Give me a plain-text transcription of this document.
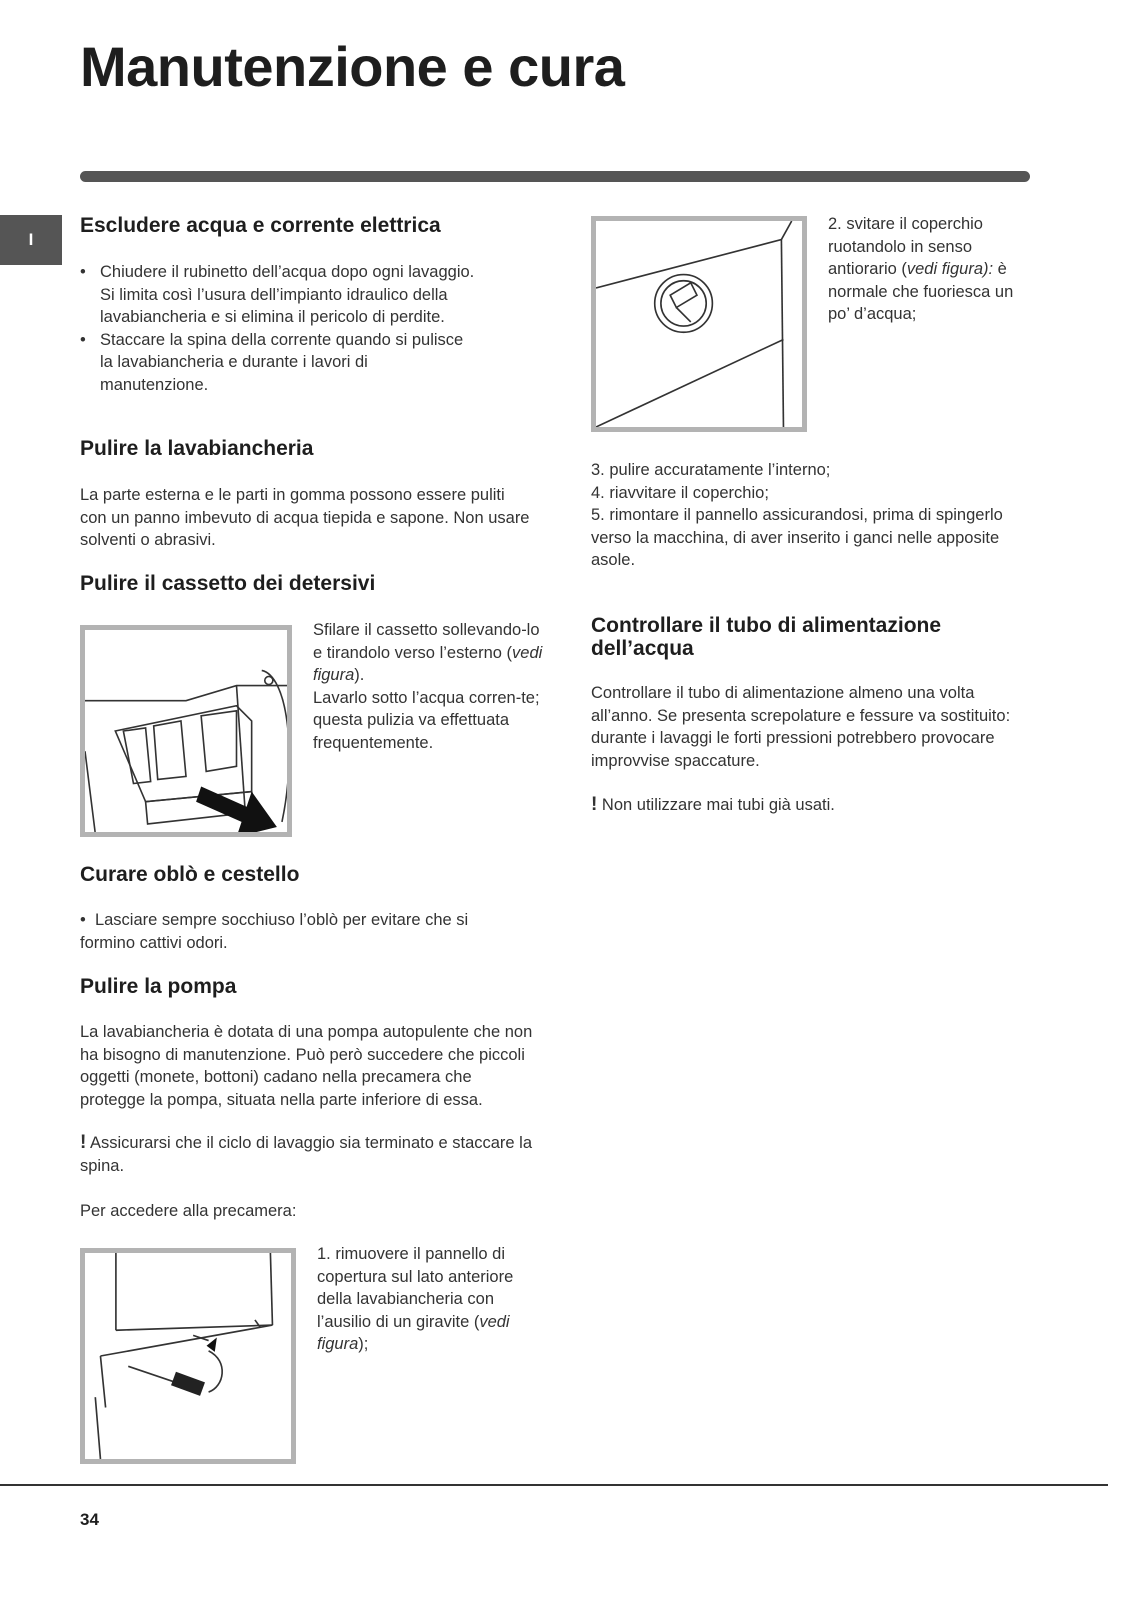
Manutenzione e cura
I
Escludere acqua e corrente elettrica
• Chiudere il rubinetto dell’acqua dopo ogni lavaggio. Si limita così l’usura dell’impianto idraulico della lavabiancheria e si elimina il pericolo di perdite.
• Staccare la spina della corrente quando si pulisce la lavabiancheria e durante i lavori di manutenzione.
Pulire la lavabiancheria

La parte esterna e le parti in gomma possono essere puliti con un panno imbevuto di acqua tiepida e sapone. Non usare solventi o abrasivi.

Pulire il cassetto dei detersivi

Sfilare il cassetto sollevando-lo e tirandolo verso l’esterno (vedi figura).

Lavarlo sotto l’acqua corren-te; questa pulizia va effettuata frequentemente.

Curare oblò e cestello
•  Lasciare sempre socchiuso l’oblò per evitare che si formino cattivi odori.
Pulire la pompa

La lavabiancheria è dotata di una pompa autopulente che non ha bisogno di manutenzione. Può però succedere che piccoli oggetti (monete, bottoni) cadano nella precamera che protegge la pompa, situata nella parte inferiore di essa.

! Assicurarsi che il ciclo di lavaggio sia terminato e staccare la spina.

Per accedere alla precamera:

1. rimuovere il pannello di copertura sul lato anteriore della lavabiancheria con l’ausilio di un giravite (vedi figura);
2. svitare il coperchio ruotandolo in senso antiorario (vedi figura): è normale che fuoriesca un po’ d’acqua;

3. pulire accuratamente l’interno;

4. riavvitare il coperchio;

5. rimontare il pannello assicurandosi, prima di spingerlo verso la macchina, di aver inserito i ganci nelle apposite asole.

Controllare il tubo di alimentazione dell’acqua

Controllare il tubo di alimentazione almeno una volta all’anno. Se presenta screpolature e fessure va sostituito: durante i lavaggi le forti pressioni potrebbero provocare improvvise spaccature.

! Non utilizzare mai tubi già usati.
34
